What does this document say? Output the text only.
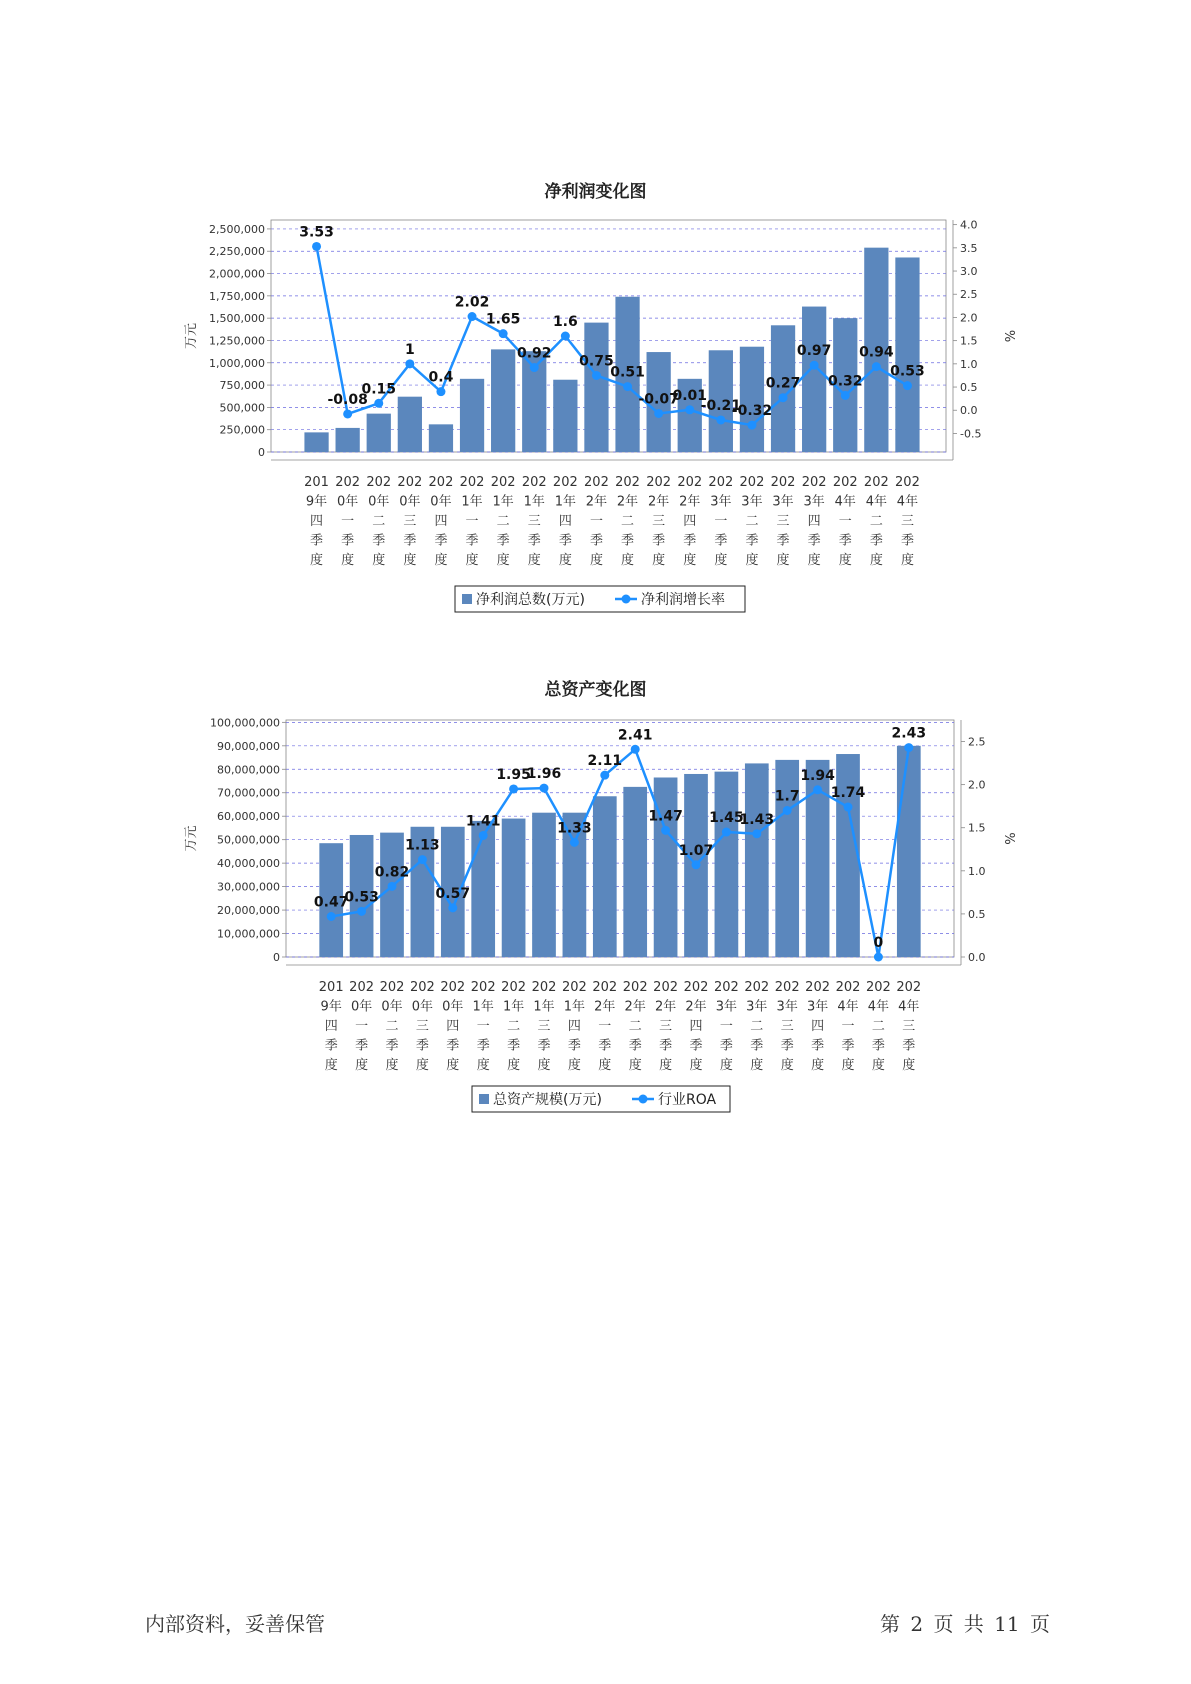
净利润变化图
0
250,000
500,000
750,000
1,000,000
1,250,000
1,500,000
1,750,000
2,000,000
2,250,000
2,500,000
-0.5
0.0
0.5
1.0
1.5
2.0
2.5
3.0
3.5
4.0
万元	%
201
9年
四
季
度
202
0年
一
季
度
202
0年
二
季
度
202
0年
三
季
度
202
0年
四
季
度
202
1年
一
季
度
202
1年
二
季
度
202
1年
三
季
度
202
1年
四
季
度
202
2年
一
季
度
202
2年
二
季
度
202
2年
三
季
度
202
2年
四
季
度
202
3年
一
季
度
202
3年
二
季
度
202
3年
三
季
度
202
3年
四
季
度
202
4年
一
季
度
202
4年
二
季
度
202
4年
三
季
度
3.53
-0.08
0.15
1
0.4
2.02
1.65
0.92
1.6
0.75
0.51
-0.07
0.01
-0.21
-0.32
0.27
0.97
0.32
0.94
0.53
净利润总数(万元)	净利润增长率
总资产变化图
0
10,000,000
20,000,000
30,000,000
40,000,000
50,000,000
60,000,000
70,000,000
80,000,000
90,000,000
100,000,000
0.0
0.5
1.0
1.5
2.0
2.5
万元	%
201
9年
四
季
度
202
0年
一
季
度
202
0年
二
季
度
202
0年
三
季
度
202
0年
四
季
度
202
1年
一
季
度
202
1年
二
季
度
202
1年
三
季
度
202
1年
四
季
度
202
2年
一
季
度
202
2年
二
季
度
202
2年
三
季
度
202
2年
四
季
度
202
3年
一
季
度
202
3年
二
季
度
202
3年
三
季
度
202
3年
四
季
度
202
4年
一
季
度
202
4年
二
季
度
202
4年
三
季
度
0.47
0.53
0.82
1.13
0.57
1.41
1.95
1.96
1.33
2.11
2.41
1.47
1.07
1.45
1.43
1.7
1.94
1.74
0
2.43
总资产规模(万元)	行业ROA
内部资料，妥善保管	第 2 页 共 11 页
